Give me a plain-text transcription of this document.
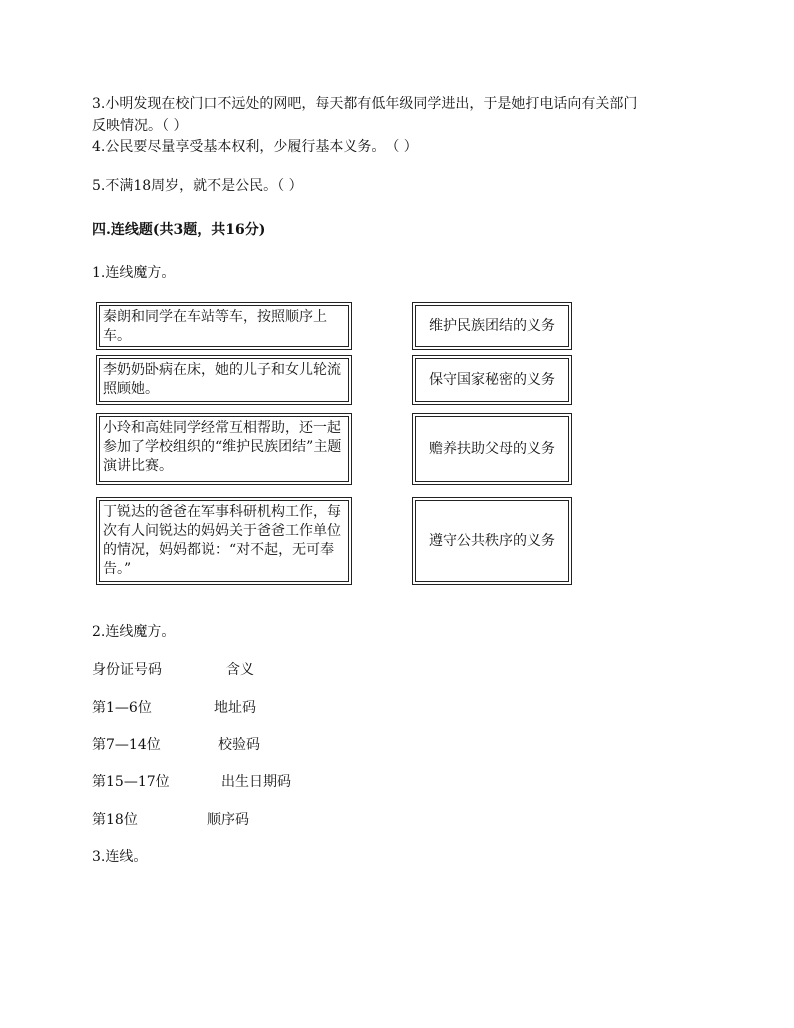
3.小明发现在校门口不远处的网吧，每天都有低年级同学进出，于是她打电话向有关部门
反映情况。（ ）
4.公民要尽量享受基本权利，少履行基本义务。　（ ）
5.不满18周岁，就不是公民。（ ）
四.连线题(共3题，共16分)
1.连线魔方。
秦朗和同学在车站等车，按照顺序上车。
李奶奶卧病在床，她的儿子和女儿轮流照顾她。
小玲和高娃同学经常互相帮助，还一起参加了学校组织的“维护民族团结”主题演讲比赛。
丁锐达的爸爸在军事科研机构工作，每次有人问锐达的妈妈关于爸爸工作单位的情况，妈妈都说：“对不起，无可奉告。”
维护民族团结的义务
保守国家秘密的义务
赡养扶助父母的义务
遵守公共秩序的义务
2.连线魔方。
身份证号码	含义
第1—6位	地址码
第7—14位	校验码
第15—17位	出生日期码
第18位	顺序码
3.连线。
